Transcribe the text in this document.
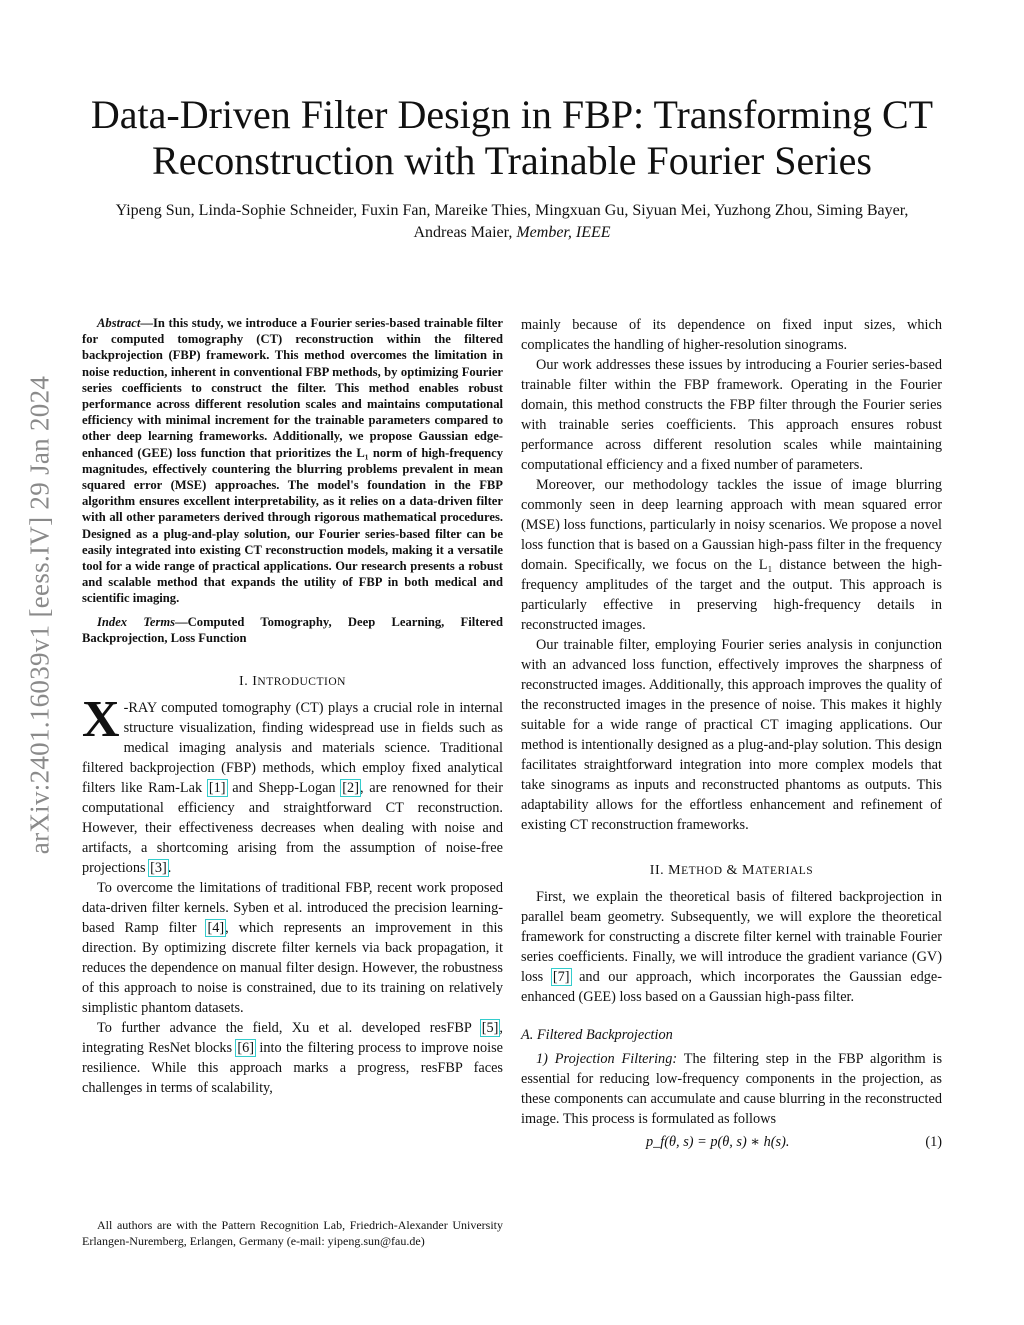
arXiv:2401.16039v1 [eess.IV] 29 Jan 2024
Data-Driven Filter Design in FBP: Transforming CT Reconstruction with Trainable Fourier Series
Yipeng Sun, Linda-Sophie Schneider, Fuxin Fan, Mareike Thies, Mingxuan Gu, Siyuan Mei, Yuzhong Zhou, Siming Bayer, Andreas Maier, Member, IEEE

Abstract—In this study, we introduce a Fourier series-based trainable filter for computed tomography (CT) reconstruction within the filtered backprojection (FBP) framework. This method overcomes the limitation in noise reduction, inherent in conventional FBP methods, by optimizing Fourier series coefficients to construct the filter. This method enables robust performance across different resolution scales and maintains computational efficiency with minimal increment for the trainable parameters compared to other deep learning frameworks. Additionally, we propose Gaussian edge-enhanced (GEE) loss function that prioritizes the L₁ norm of high-frequency magnitudes, effectively countering the blurring problems prevalent in mean squared error (MSE) approaches. The model's foundation in the FBP algorithm ensures excellent interpretability, as it relies on a data-driven filter with all other parameters derived through rigorous mathematical procedures. Designed as a plug-and-play solution, our Fourier series-based filter can be easily integrated into existing CT reconstruction models, making it a versatile tool for a wide range of practical applications. Our research presents a robust and scalable method that expands the utility of FBP in both medical and scientific imaging.

Index Terms—Computed Tomography, Deep Learning, Filtered Backprojection, Loss Function

I. INTRODUCTION

X -RAY computed tomography (CT) plays a crucial role in internal structure visualization, finding widespread use in fields such as medical imaging analysis and materials science. Traditional filtered backprojection (FBP) methods, which employ fixed analytical filters like Ram-Lak [1] and Shepp-Logan [2], are renowned for their computational efficiency and straightforward CT reconstruction. However, their effectiveness decreases when dealing with noise and artifacts, a shortcoming arising from the assumption of noise-free projections [3].

To overcome the limitations of traditional FBP, recent work proposed data-driven filter kernels. Syben et al. introduced the precision learning-based Ramp filter [4], which represents an improvement in this direction. By optimizing discrete filter kernels via back propagation, it reduces the dependence on manual filter design. However, the robustness of this approach to noise is constrained, due to its training on relatively simplistic phantom datasets.

To further advance the field, Xu et al. developed resFBP [5], integrating ResNet blocks [6] into the filtering process to improve noise resilience. While this approach marks a progress, resFBP faces challenges in terms of scalability,

All authors are with the Pattern Recognition Lab, Friedrich-Alexander University Erlangen-Nuremberg, Erlangen, Germany (e-mail: yipeng.sun@fau.de)

mainly because of its dependence on fixed input sizes, which complicates the handling of higher-resolution sinograms.

Our work addresses these issues by introducing a Fourier series-based trainable filter within the FBP framework. Operating in the Fourier domain, this method constructs the FBP filter through the Fourier series with trainable series coefficients. This approach ensures robust performance across different resolution scales while maintaining computational efficiency and a fixed number of parameters.

Moreover, our methodology tackles the issue of image blurring commonly seen in deep learning approach with mean squared error (MSE) loss functions, particularly in noisy scenarios. We propose a novel loss function that is based on a Gaussian high-pass filter in the frequency domain. Specifically, we focus on the L₁ distance between the high-frequency amplitudes of the target and the output. This approach is particularly effective in preserving high-frequency details in reconstructed images.

Our trainable filter, employing Fourier series analysis in conjunction with an advanced loss function, effectively improves the sharpness of reconstructed images. Additionally, this approach improves the quality of the reconstructed images in the presence of noise. This makes it highly suitable for a wide range of practical CT imaging applications. Our method is intentionally designed as a plug-and-play solution. This design facilitates straightforward integration into more complex models that take sinograms as inputs and reconstructed phantoms as outputs. This adaptability allows for the effortless enhancement and refinement of existing CT reconstruction frameworks.

II. METHOD & MATERIALS

First, we explain the theoretical basis of filtered backprojection in parallel beam geometry. Subsequently, we will explore the theoretical framework for constructing a discrete filter kernel with trainable Fourier series coefficients. Finally, we will introduce the gradient variance (GV) loss [7] and our approach, which incorporates the Gaussian edge-enhanced (GEE) loss based on a Gaussian high-pass filter.

A. Filtered Backprojection

1) Projection Filtering: The filtering step in the FBP algorithm is essential for reducing low-frequency components in the projection, as these components can accumulate and cause blurring in the reconstructed image. This process is formulated as follows

p_f(θ, s) = p(θ, s) ∗ h(s).	(1)
